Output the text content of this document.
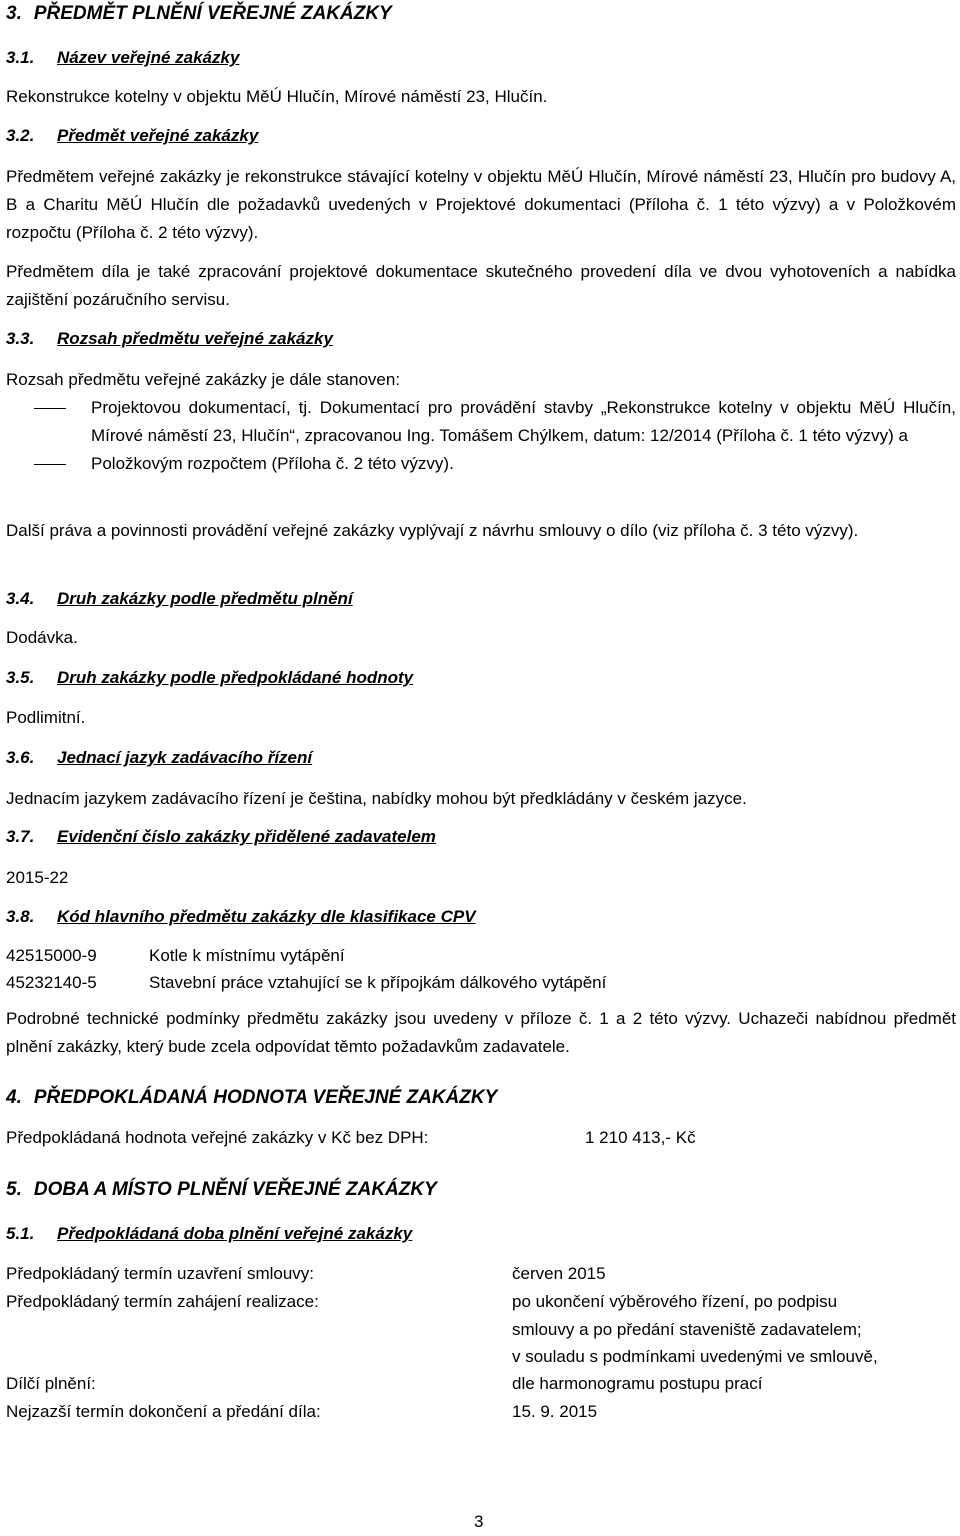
3. PŘEDMĚT PLNĚNÍ VEŘEJNÉ ZAKÁZKY
3.1. Název veřejné zakázky

Rekonstrukce kotelny v objektu MěÚ Hlučín, Mírové náměstí 23, Hlučín.

3.2. Předmět veřejné zakázky

Předmětem veřejné zakázky je rekonstrukce stávající kotelny v objektu MěÚ Hlučín, Mírové náměstí 23, Hlučín pro budovy A, B a Charitu MěÚ Hlučín dle požadavků uvedených v Projektové dokumentaci (Příloha č. 1 této výzvy) a v Položkovém rozpočtu (Příloha č. 2 této výzvy).

Předmětem díla je také zpracování projektové dokumentace skutečného provedení díla ve dvou vyhotoveních a nabídka zajištění pozáručního servisu.

3.3. Rozsah předmětu veřejné zakázky

Rozsah předmětu veřejné zakázky je dále stanoven:

Projektovou dokumentací, tj. Dokumentací pro provádění stavby „Rekonstrukce kotelny v objektu MěÚ Hlučín, Mírové náměstí 23, Hlučín“, zpracovanou Ing. Tomášem Chýlkem, datum: 12/2014 (Příloha č. 1 této výzvy) a
Položkovým rozpočtem (Příloha č. 2 této výzvy).

Další práva a povinnosti provádění veřejné zakázky vyplývají z návrhu smlouvy o dílo (viz příloha č. 3 této výzvy).

3.4. Druh zakázky podle předmětu plnění

Dodávka.

3.5. Druh zakázky podle předpokládané hodnoty

Podlimitní.

3.6. Jednací jazyk zadávacího řízení

Jednacím jazykem zadávacího řízení je čeština, nabídky mohou být předkládány v českém jazyce.

3.7. Evidenční číslo zakázky přidělené zadavatelem

2015-22

3.8. Kód hlavního předmětu zakázky dle klasifikace CPV
42515000-9	Kotle k místnímu vytápění
45232140-5	Stavební práce vztahující se k přípojkám dálkového vytápění

Podrobné technické podmínky předmětu zakázky jsou uvedeny v příloze č. 1 a 2 této výzvy. Uchazeči nabídnou předmět plnění zakázky, který bude zcela odpovídat těmto požadavkům zadavatele.

4. PŘEDPOKLÁDANÁ HODNOTA VEŘEJNÉ ZAKÁZKY
Předpokládaná hodnota veřejné zakázky v Kč bez DPH:	1 210 413,- Kč
5. DOBA A MÍSTO PLNĚNÍ VEŘEJNÉ ZAKÁZKY
5.1. Předpokládaná doba plnění veřejné zakázky
Předpokládaný termín uzavření smlouvy:	červen 2015
Předpokládaný termín zahájení realizace:	po ukončení výběrového řízení, po podpisu
smlouvy a po předání staveniště zadavatelem;
v souladu s podmínkami uvedenými ve smlouvě,
Dílčí plnění:	dle harmonogramu postupu prací
Nejzazší termín dokončení a předání díla:	15. 9. 2015
3
